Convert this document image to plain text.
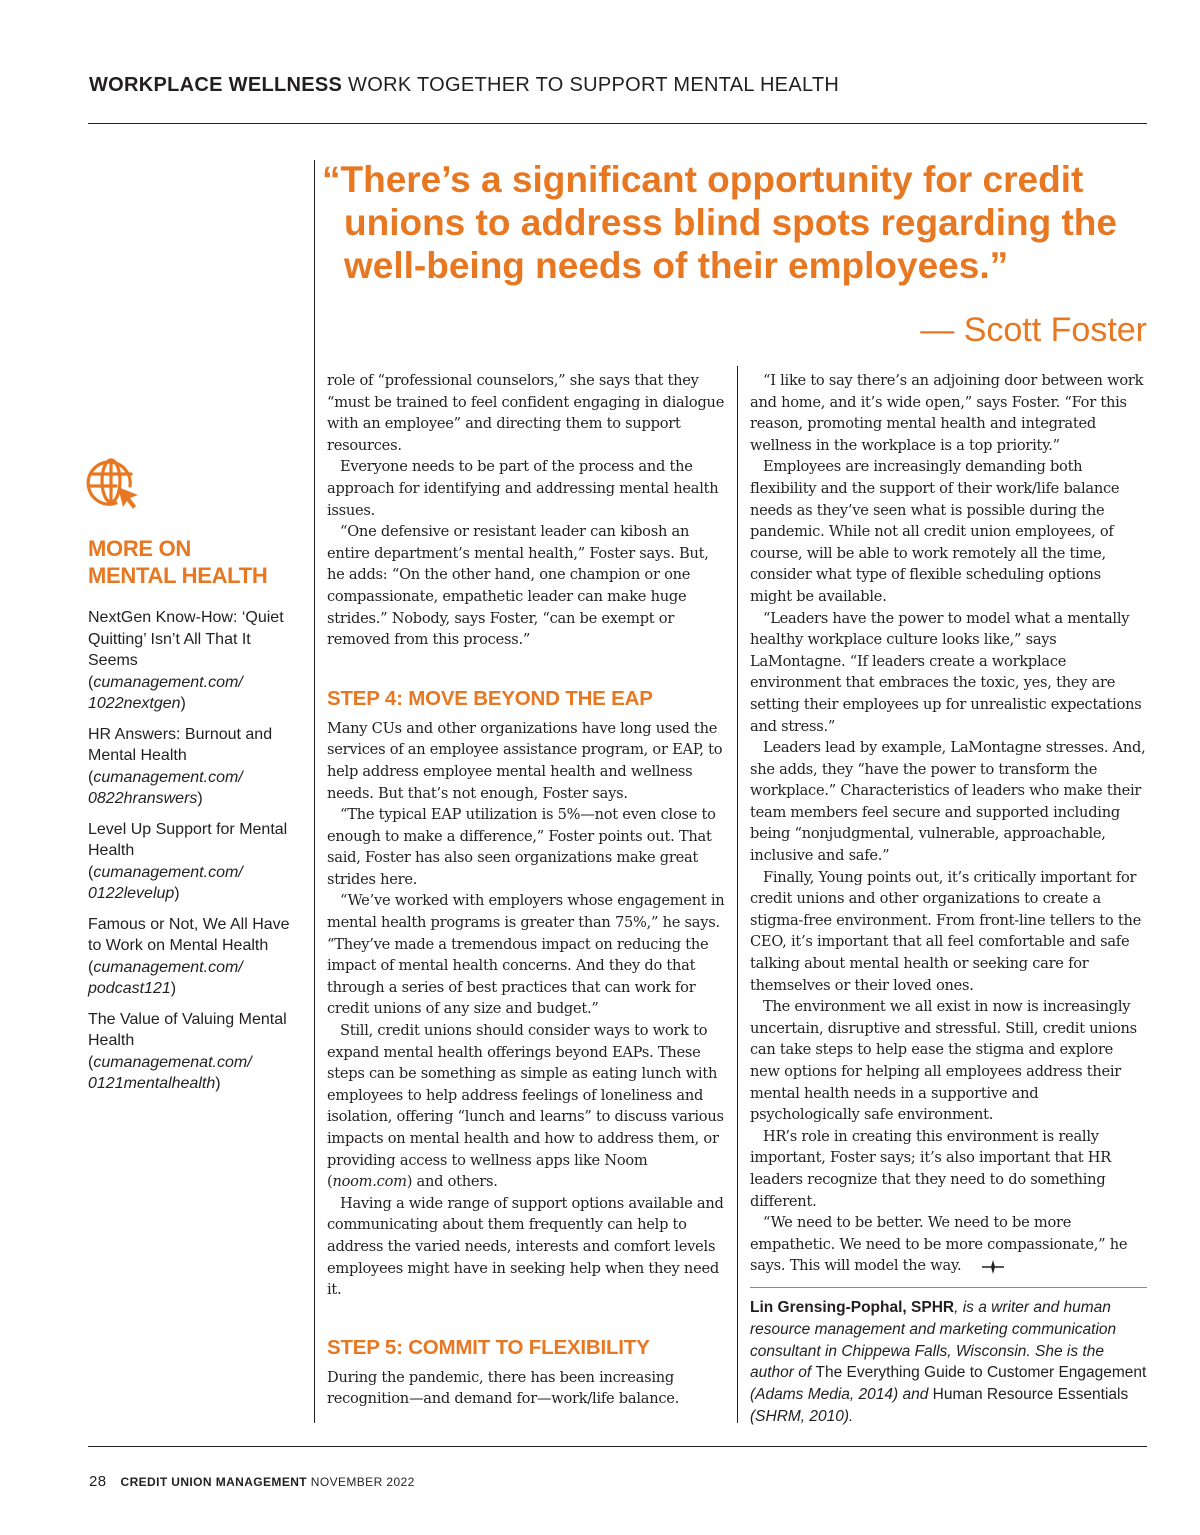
WORKPLACE WELLNESS WORK TOGETHER TO SUPPORT MENTAL HEALTH
“There’s a significant opportunity for credit
unions to address blind spots regarding the
well-being needs of their employees.”
— Scott Foster
MORE ON
MENTAL HEALTH
NextGen Know-How: ‘Quiet Quitting’ Isn’t All That It Seems
(cumanagement.com/ 1022nextgen)
HR Answers: Burnout and Mental Health
(cumanagement.com/ 0822hranswers)
Level Up Support for Mental Health
(cumanagement.com/ 0122levelup)
Famous or Not, We All Have to Work on Mental Health
(cumanagement.com/ podcast121)
The Value of Valuing Mental Health
(cumanagemenat.com/ 0121mentalhealth)

role of “professional counselors,” she says that they “must be trained to feel confident engaging in dialogue with an employee” and directing them to support resources.

Everyone needs to be part of the process and the approach for identifying and addressing mental health issues.

“One defensive or resistant leader can kibosh an entire department’s mental health,” Foster says. But, he adds: “On the other hand, one champion or one compassionate, empathetic leader can make huge strides.” Nobody, says Foster, “can be exempt or removed from this process.”

STEP 4: MOVE BEYOND THE EAP

Many CUs and other organizations have long used the services of an employee assistance program, or EAP, to help address employee mental health and wellness needs. But that’s not enough, Foster says.

“The typical EAP utilization is 5%—not even close to enough to make a difference,” Foster points out. That said, Foster has also seen organizations make great strides here.

“We’ve worked with employers whose engagement in mental health programs is greater than 75%,” he says. “They’ve made a tremendous impact on reducing the impact of mental health concerns. And they do that through a series of best practices that can work for credit unions of any size and budget.”

Still, credit unions should consider ways to work to expand mental health offerings beyond EAPs. These steps can be something as simple as eating lunch with employees to help address feelings of loneliness and isolation, offering “lunch and learns” to discuss various impacts on mental health and how to address them, or providing access to wellness apps like Noom (noom.com) and others.

Having a wide range of support options available and communicating about them frequently can help to address the varied needs, interests and comfort levels employees might have in seeking help when they need it.

STEP 5: COMMIT TO FLEXIBILITY

During the pandemic, there has been increasing recognition—and demand for—work/life balance.

“I like to say there’s an adjoining door between work and home, and it’s wide open,” says Foster. “For this reason, promoting mental health and integrated wellness in the workplace is a top priority.”

Employees are increasingly demanding both flexibility and the support of their work/life balance needs as they’ve seen what is possible during the pandemic. While not all credit union employees, of course, will be able to work remotely all the time, consider what type of flexible scheduling options might be available.

“Leaders have the power to model what a mentally healthy workplace culture looks like,” says LaMontagne. “If leaders create a workplace environment that embraces the toxic, yes, they are setting their employees up for unrealistic expectations and stress.”

Leaders lead by example, LaMontagne stresses. And, she adds, they “have the power to transform the workplace.” Characteristics of leaders who make their team members feel secure and supported including being “nonjudgmental, vulnerable, approachable, inclusive and safe.”

Finally, Young points out, it’s critically important for credit unions and other organizations to create a stigma-free environment. From front-line tellers to the CEO, it’s important that all feel comfortable and safe talking about mental health or seeking care for themselves or their loved ones.

The environment we all exist in now is increasingly uncertain, disruptive and stressful. Still, credit unions can take steps to help ease the stigma and explore new options for helping all employees address their mental health needs in a supportive and psychologically safe environment.

HR’s role in creating this environment is really important, Foster says; it’s also important that HR leaders recognize that they need to do something different.

“We need to be better. We need to be more empathetic. We need to be more compassionate,” he says. This will model the way.

Lin Grensing-Pophal, SPHR, is a writer and human resource management and marketing communication consultant in Chippewa Falls, Wisconsin. She is the author of The Everything Guide to Customer Engagement (Adams Media, 2014) and Human Resource Essentials (SHRM, 2010).
28 CREDIT UNION MANAGEMENT NOVEMBER 2022
